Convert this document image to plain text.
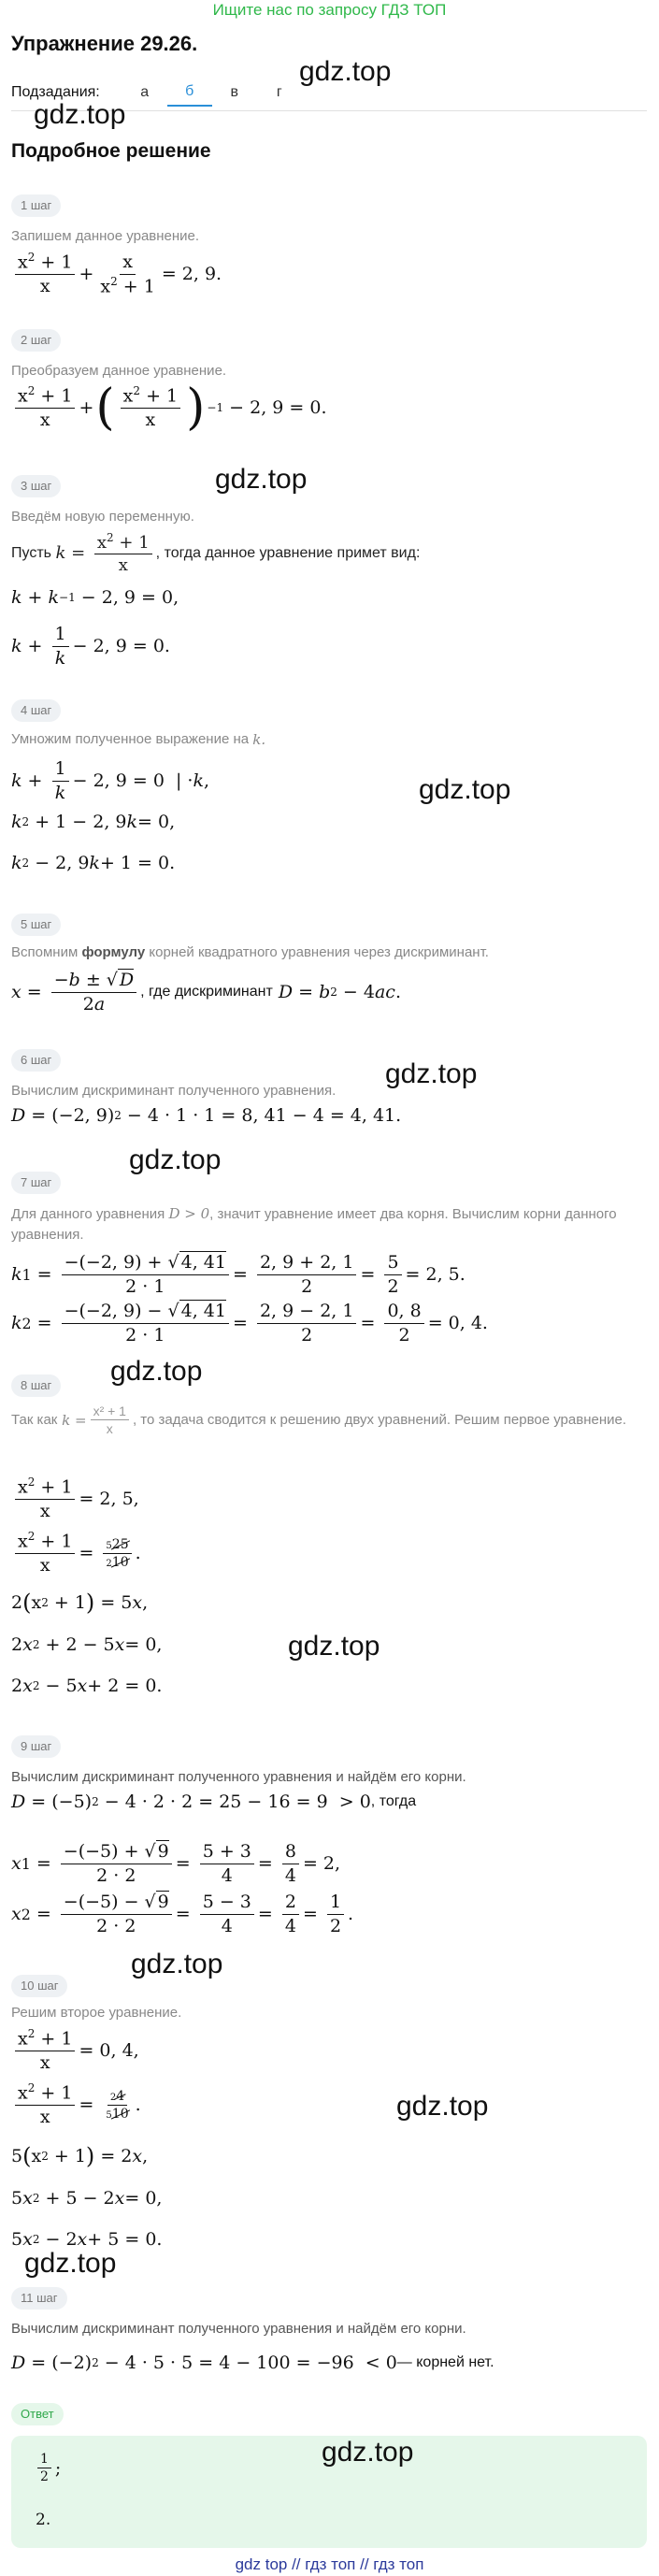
Ищите нас по запросу ГДЗ ТОП
Упражнение 29.26.
Подзадания:	а	б	в	г
Подробное решение
1 шаг
Запишем данное уравнение.
$x^2 + 1$
x
+
x
$x^2 + 1$
= 2, 9.
2 шаг
Преобразуем данное уравнение.
$x^2 + 1$
x
+ ( $x^2 + 1$
x ) −1 − 2, 9 = 0.
3 шаг
Введём новую переменную.
Пусть
k =
$x^2 + 1$
x
, тогда данное уравнение примет вид:
k + k −1 − 2, 9 = 0,
k +
1
k
− 2, 9 = 0.
4 шаг
Умножим полученное выражение на
k.
k +
1
k
− 2, 9 = 0  | · k ,
k 2 + 1 − 2, 9 k = 0,
k 2 − 2, 9 k + 1 = 0.
5 шаг
Вспомним формулу корней квадратного уравнения через дискриминант.
x =
−b ± √ D
2a
, где дискриминант
D = b 2 − 4 ac .
6 шаг
Вычислим дискриминант полученного уравнения.
D = (−2, 9) 2 − 4 · 1 · 1 = 8, 41 − 4 = 4, 41.
7 шаг
Для данного уравнения D > 0, значит уравнение имеет два корня. Вычислим корни данного уравнения.
k 1 =
−(−2, 9) + √ 4, 41
2 · 1
=
2, 9 + 2, 1
2
=
5
2
= 2, 5.
k 2 =
−(−2, 9) − √ 4, 41
2 · 1
=
2, 9 − 2, 1
2
=
0, 8
2
= 0, 4.
8 шаг
Так как $k = \frac{\text{x² + 1}}{x}$ , то задача сводится к решению двух уравнений. Решим первое уравнение.
$x^2 + 1$
x
= 2, 5,
$x^2 + 1$
x
= 525
210 .
2 ( x 2 + 1 ) = 5 x ,
2 x 2 + 2 − 5 x = 0,
2 x 2 − 5 x + 2 = 0.
9 шаг
Вычислим дискриминант полученного уравнения и найдём его корни.
D = (−5) 2 − 4 · 2 · 2 = 25 − 16 = 9  > 0 , тогда
x 1 =
−(−5) + √ 9
2 · 2
=
5 + 3
4
=
8
4
= 2,
x 2 =
−(−5) − √ 9
2 · 2
=
5 − 3
4
=
2
4
=
1
2
.
10 шаг
Решим второе уравнение.
$x^2 + 1$
x
= 0, 4,
$x^2 + 1$
x
=	24
510 .
5 ( x 2 + 1 ) = 2 x ,
5 x 2 + 5 − 2 x = 0,
5 x 2 − 2 x + 5 = 0.
11 шаг
Вычислим дискриминант полученного уравнения и найдём его корни.
D = (−2) 2 − 4 · 5 · 5 = 4 − 100 = −96  < 0 — корней нет.
Ответ
1
2 ;
2.
gdz.top
gdz.top
gdz.top
gdz.top
gdz.top
gdz.top
gdz.top
gdz.top
gdz.top
gdz.top
gdz.top
gdz.top
gdz top // гдз топ // гдз топ
